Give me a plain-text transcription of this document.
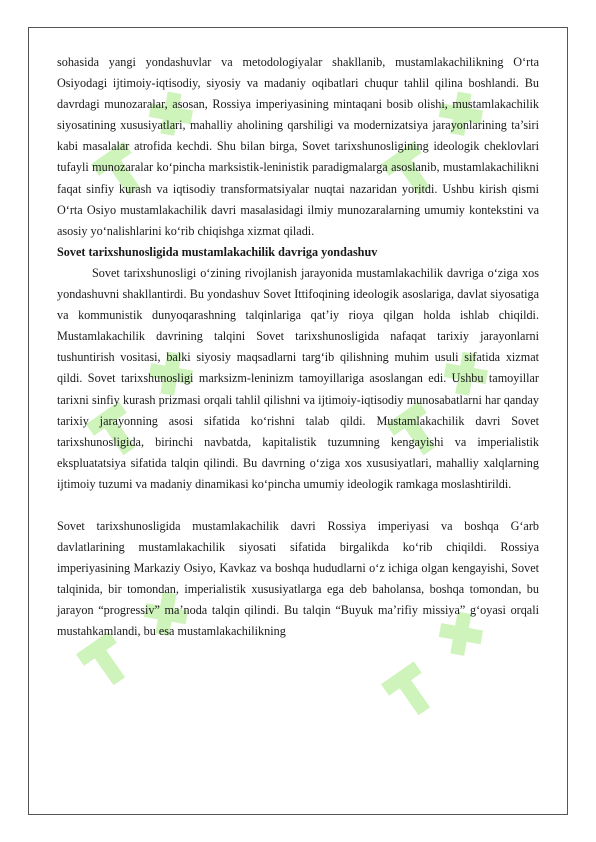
sohasida yangi yondashuvlar va metodologiyalar shakllanib, mustamlakachilikning O‘rta Osiyodagi ijtimoiy-iqtisodiy, siyosiy va madaniy oqibatlari chuqur tahlil qilina boshlandi. Bu davrdagi munozaralar, asosan, Rossiya imperiyasining mintaqani bosib olishi, mustamlakachilik siyosatining xususiyatlari, mahalliy aholining qarshiligi va modernizatsiya jarayonlarining ta’siri kabi masalalar atrofida kechdi. Shu bilan birga, Sovet tarixshunosligining ideologik cheklovlari tufayli munozaralar ko‘pincha marksistik-leninistik paradigmalarga asoslanib, mustamlakachilikni faqat sinfiy kurash va iqtisodiy transformatsiyalar nuqtai nazaridan yoritdi. Ushbu kirish qismi O‘rta Osiyo mustamlakachilik davri masalasidagi ilmiy munozaralarning umumiy kontekstini va asosiy yo‘nalishlarini ko‘rib chiqishga xizmat qiladi.

Sovet tarixshunosligida mustamlakachilik davriga yondashuv

Sovet tarixshunosligi o‘zining rivojlanish jarayonida mustamlakachilik davriga o‘ziga xos yondashuvni shakllantirdi. Bu yondashuv Sovet Ittifoqining ideologik asoslariga, davlat siyosatiga va kommunistik dunyoqarashning talqinlariga qat’iy rioya qilgan holda ishlab chiqildi. Mustamlakachilik davrining talqini Sovet tarixshunosligida nafaqat tarixiy jarayonlarni tushuntirish vositasi, balki siyosiy maqsadlarni targ‘ib qilishning muhim usuli sifatida xizmat qildi. Sovet tarixshunosligi marksizm-leninizm tamoyillariga asoslangan edi. Ushbu tamoyillar tarixni sinfiy kurash prizmasi orqali tahlil qilishni va ijtimoiy-iqtisodiy munosabatlarni har qanday tarixiy jarayonning asosi sifatida ko‘rishni talab qildi. Mustamlakachilik davri Sovet tarixshunosligida, birinchi navbatda, kapitalistik tuzumning kengayishi va imperialistik ekspluatatsiya sifatida talqin qilindi. Bu davrning o‘ziga xos xususiyatlari, mahalliy xalqlarning ijtimoiy tuzumi va madaniy dinamikasi ko‘pincha umumiy ideologik ramkaga moslashtirildi.

Sovet tarixshunosligida mustamlakachilik davri Rossiya imperiyasi va boshqa G‘arb davlatlarining mustamlakachilik siyosati sifatida birgalikda ko‘rib chiqildi. Rossiya imperiyasining Markaziy Osiyo, Kavkaz va boshqa hududlarni o‘z ichiga olgan kengayishi, Sovet talqinida, bir tomondan, imperialistik xususiyatlarga ega deb baholansa, boshqa tomondan, bu jarayon “progressiv” ma’noda talqin qilindi. Bu talqin “Buyuk ma’rifiy missiya” g‘oyasi orqali mustahkamlandi, bu esa mustamlakachilikning
